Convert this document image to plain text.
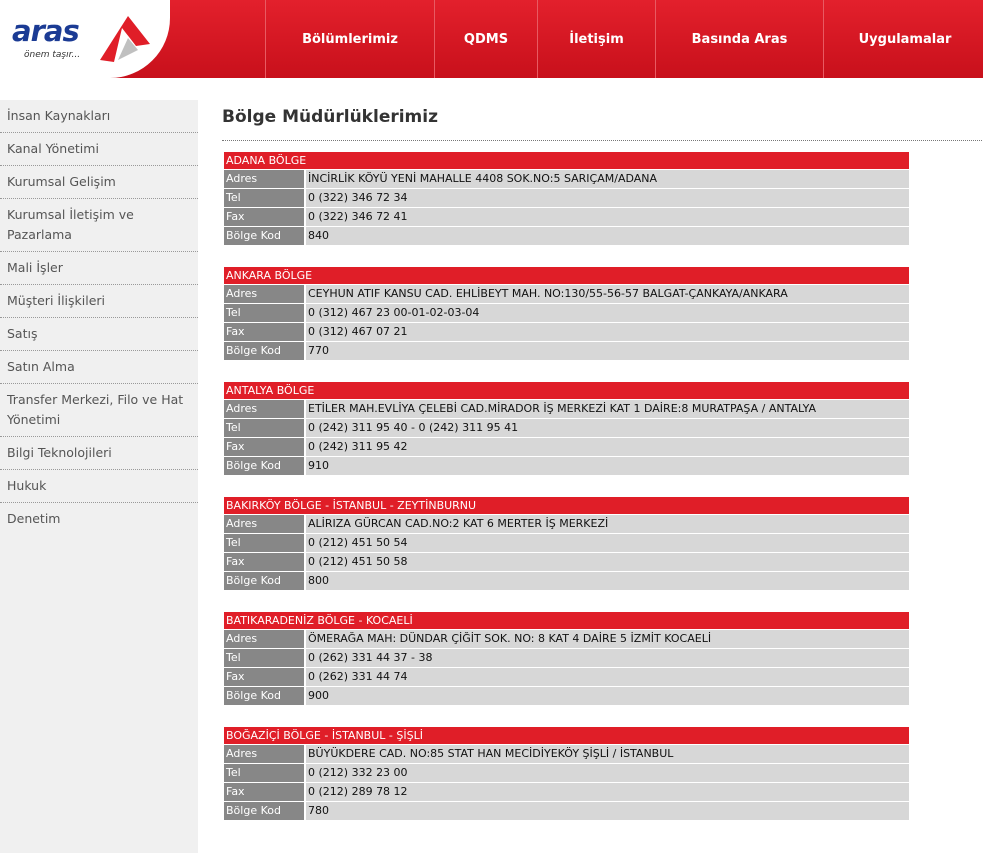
aras
önem taşır...
Bölümlerimiz	QDMS	İletişim	Basında Aras	Uygulamalar
İnsan Kaynakları
Kanal Yönetimi
Kurumsal Gelişim
Kurumsal İletişim ve Pazarlama
Mali İşler
Müşteri İlişkileri
Satış
Satın Alma
Transfer Merkezi, Filo ve Hat Yönetimi
Bilgi Teknolojileri
Hukuk
Denetim
Bölge Müdürlüklerimiz
ADANA BÖLGE
Adres	İNCİRLİK KÖYÜ YENİ MAHALLE 4408 SOK.NO:5 SARIÇAM/ADANA
Tel	0 (322) 346 72 34
Fax	0 (322) 346 72 41
Bölge Kod	840
ANKARA BÖLGE
Adres	CEYHUN ATIF KANSU CAD. EHLİBEYT MAH. NO:130/55-56-57 BALGAT-ÇANKAYA/ANKARA
Tel	0 (312) 467 23 00-01-02-03-04
Fax	0 (312) 467 07 21
Bölge Kod	770
ANTALYA BÖLGE
Adres	ETİLER MAH.EVLİYA ÇELEBİ CAD.MİRADOR İŞ MERKEZİ KAT 1 DAİRE:8 MURATPAŞA / ANTALYA
Tel	0 (242) 311 95 40 - 0 (242) 311 95 41
Fax	0 (242) 311 95 42
Bölge Kod	910
BAKIRKÖY BÖLGE - İSTANBUL - ZEYTİNBURNU
Adres	ALİRIZA GÜRCAN CAD.NO:2 KAT 6 MERTER İŞ MERKEZİ
Tel	0 (212) 451 50 54
Fax	0 (212) 451 50 58
Bölge Kod	800
BATIKARADENİZ BÖLGE - KOCAELİ
Adres	ÖMERAĞA MAH: DÜNDAR ÇİĞİT SOK. NO: 8 KAT 4 DAİRE 5 İZMİT KOCAELİ
Tel	0 (262) 331 44 37 - 38
Fax	0 (262) 331 44 74
Bölge Kod	900
BOĞAZİÇİ BÖLGE - İSTANBUL - ŞİŞLİ
Adres	BÜYÜKDERE CAD. NO:85 STAT HAN MECİDİYEKÖY ŞİŞLİ / İSTANBUL
Tel	0 (212) 332 23 00
Fax	0 (212) 289 78 12
Bölge Kod	780
